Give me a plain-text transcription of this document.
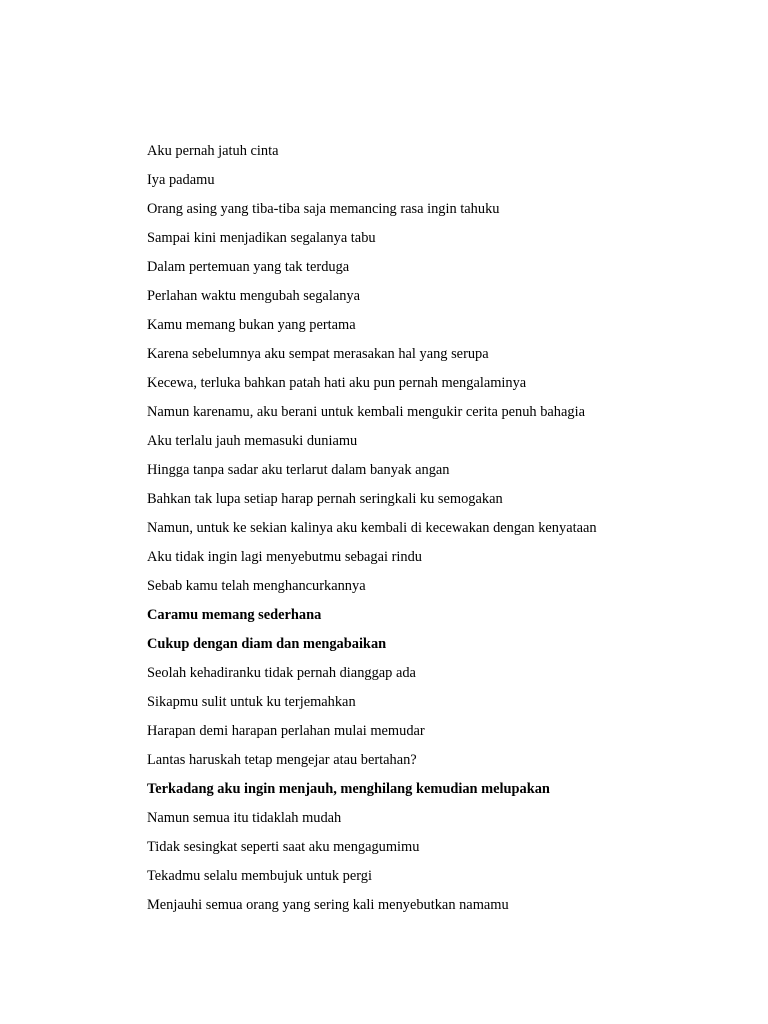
Aku pernah jatuh cinta

Iya padamu

Orang asing yang tiba-tiba saja memancing rasa ingin tahuku

Sampai kini menjadikan segalanya tabu

Dalam pertemuan yang tak terduga

Perlahan waktu mengubah segalanya

Kamu memang bukan yang pertama

Karena sebelumnya aku sempat merasakan hal yang serupa

Kecewa, terluka bahkan patah hati aku pun pernah mengalaminya

Namun karenamu, aku berani untuk kembali mengukir cerita penuh bahagia

Aku terlalu jauh memasuki duniamu

Hingga tanpa sadar aku terlarut dalam banyak angan

Bahkan tak lupa setiap harap pernah seringkali ku semogakan

Namun, untuk ke sekian kalinya aku kembali di kecewakan dengan kenyataan

Aku tidak ingin lagi menyebutmu sebagai rindu

Sebab kamu telah menghancurkannya

Caramu memang sederhana

Cukup dengan diam dan mengabaikan

Seolah kehadiranku tidak pernah dianggap ada

Sikapmu sulit untuk ku terjemahkan

Harapan demi harapan perlahan mulai memudar

Lantas haruskah tetap mengejar atau bertahan?

Terkadang aku ingin menjauh, menghilang kemudian melupakan

Namun semua itu tidaklah mudah

Tidak sesingkat seperti saat aku mengagumimu

Tekadmu selalu membujuk untuk pergi

Menjauhi semua orang yang sering kali menyebutkan namamu
